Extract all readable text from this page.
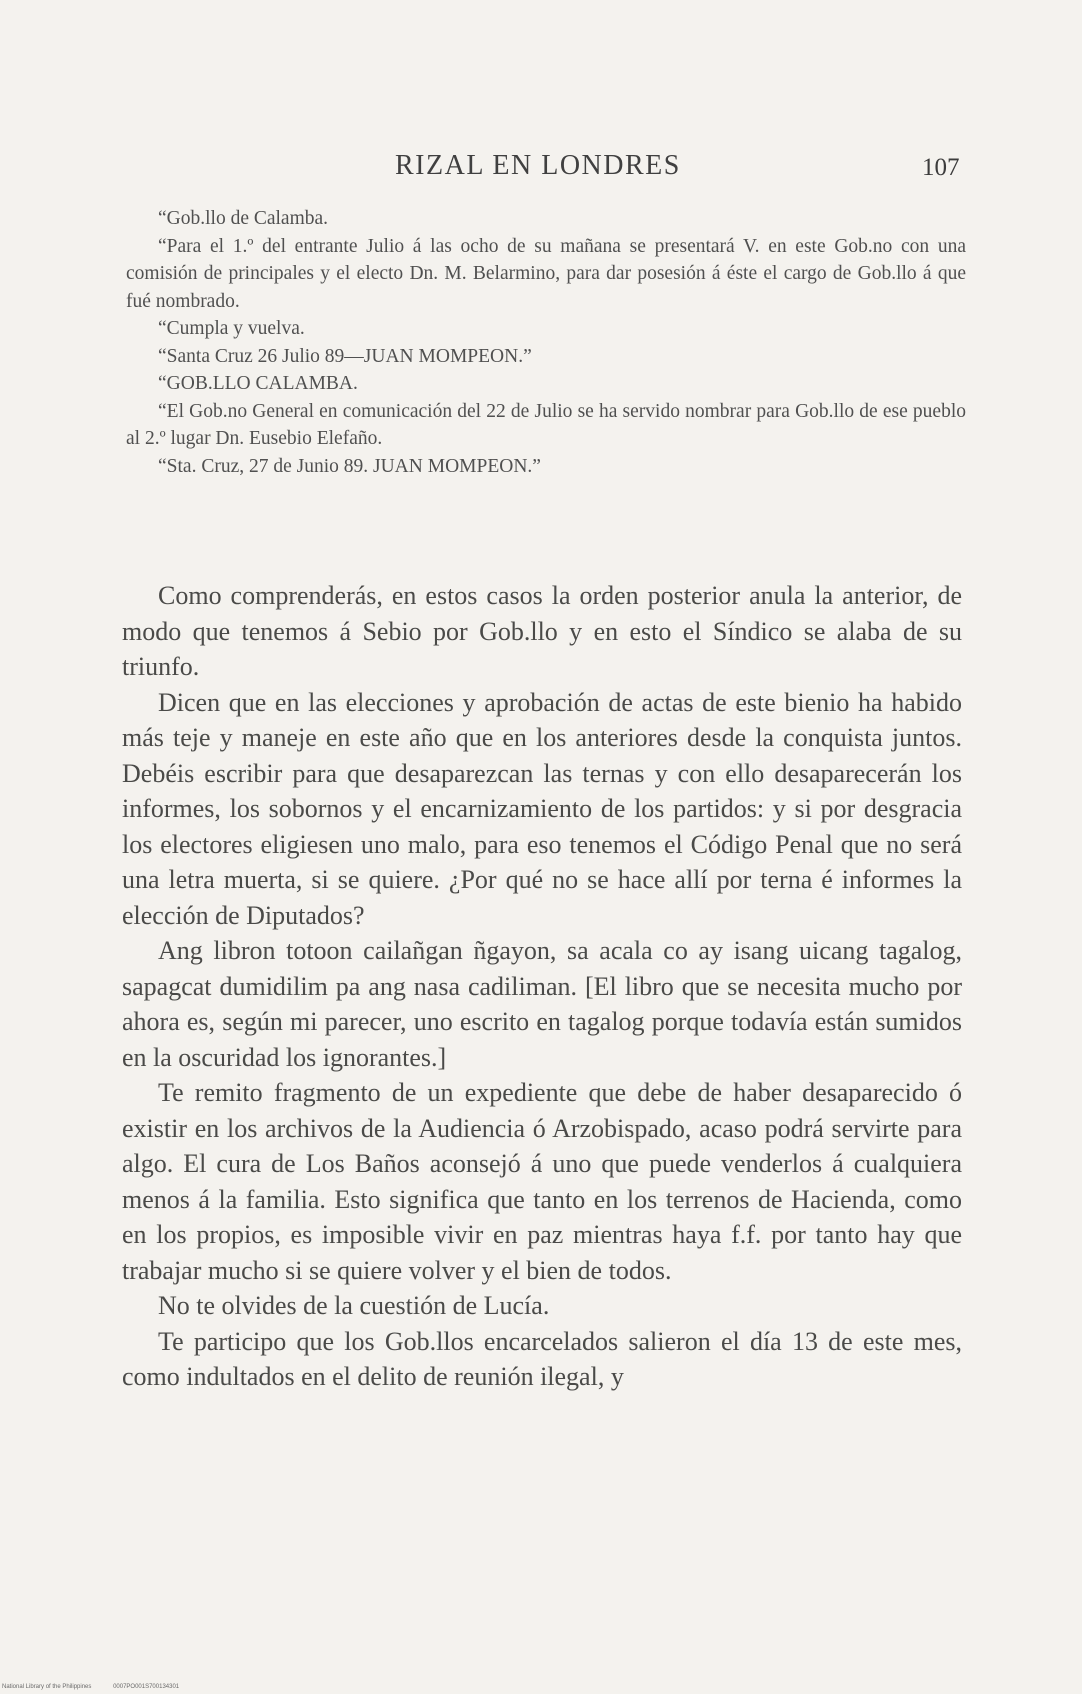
RIZAL EN LONDRES	107

“Gob.llo de Calamba.

“Para el 1.º del entrante Julio á las ocho de su mañana se presentará V. en este Gob.no con una comisión de principales y el electo Dn. M. Belarmino, para dar posesión á éste el cargo de Gob.llo á que fué nombrado.

“Cumpla y vuelva.

“Santa Cruz 26 Julio 89—JUAN MOMPEON.”

“GOB.LLO CALAMBA.

“El Gob.no General en comunicación del 22 de Julio se ha servido nombrar para Gob.llo de ese pueblo al 2.º lugar Dn. Eusebio Elefaño.

“Sta. Cruz, 27 de Junio 89. JUAN MOMPEON.”

Como comprenderás, en estos casos la orden posterior anula la anterior, de modo que tenemos á Sebio por Gob.llo y en esto el Síndico se alaba de su triunfo.

Dicen que en las elecciones y aprobación de actas de este bienio ha habido más teje y maneje en este año que en los anteriores desde la conquista juntos. Debéis escribir para que desaparezcan las ternas y con ello desaparecerán los informes, los sobornos y el encarnizamiento de los partidos: y si por desgracia los electores eligiesen uno malo, para eso tenemos el Código Penal que no será una letra muerta, si se quiere. ¿Por qué no se hace allí por terna é informes la elección de Diputados?

Ang libron totoon cailañgan ñgayon, sa acala co ay isang uicang tagalog, sapagcat dumidilim pa ang nasa cadiliman. [El libro que se necesita mucho por ahora es, según mi parecer, uno escrito en tagalog porque todavía están sumidos en la oscuridad los ignorantes.]

Te remito fragmento de un expediente que debe de haber desaparecido ó existir en los archivos de la Audiencia ó Arzobispado, acaso podrá servirte para algo. El cura de Los Baños aconsejó á uno que puede venderlos á cualquiera menos á la familia. Esto significa que tanto en los terrenos de Hacienda, como en los propios, es imposible vivir en paz mientras haya f.f. por tanto hay que trabajar mucho si se quiere volver y el bien de todos.

No te olvides de la cuestión de Lucía.

Te participo que los Gob.llos encarcelados salieron el día 13 de este mes, como indultados en el delito de reunión ilegal, y

National Library of the Philippines	0007PO001S700134301
